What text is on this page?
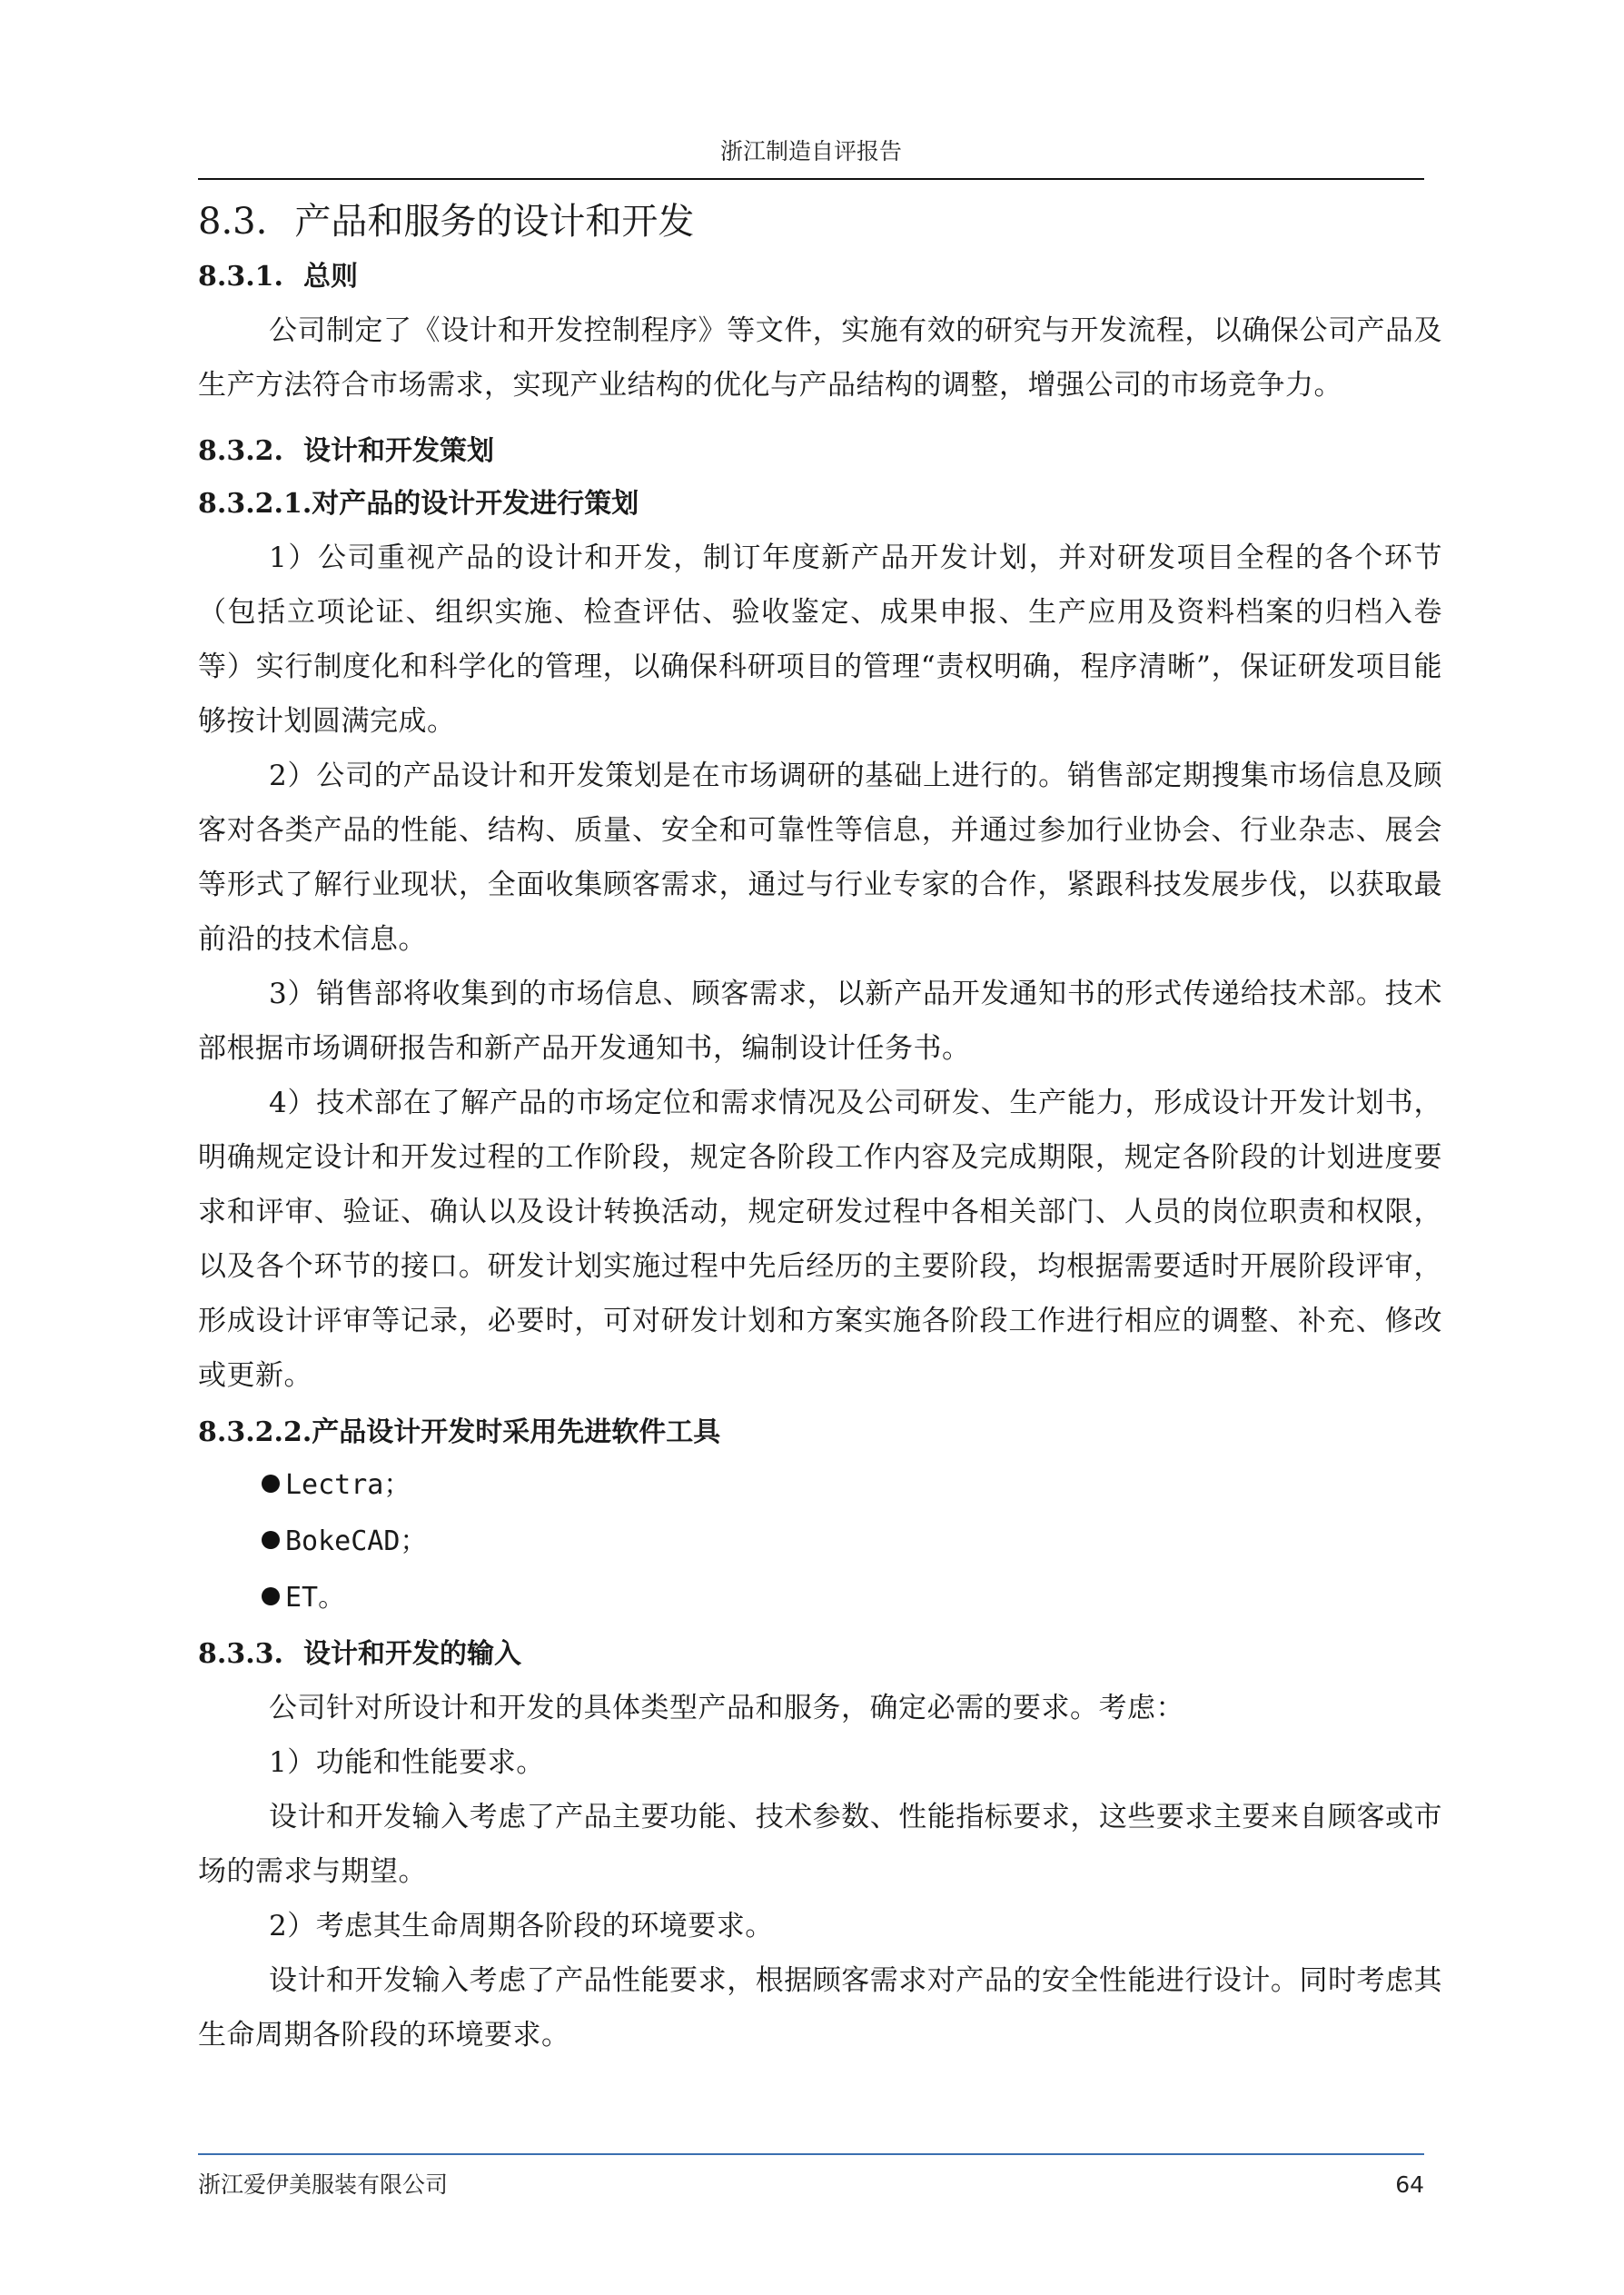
浙江制造自评报告
8.3. 产品和服务的设计和开发
8.3.1. 总则

公司制定了《设计和开发控制程序》等文件，实施有效的研究与开发流程，以确保公司产品及生产方法符合市场需求，实现产业结构的优化与产品结构的调整，增强公司的市场竞争力。

8.3.2. 设计和开发策划
8.3.2.1.对产品的设计开发进行策划

1）公司重视产品的设计和开发，制订年度新产品开发计划，并对研发项目全程的各个环节（包括立项论证、组织实施、检查评估、验收鉴定、成果申报、生产应用及资料档案的归档入卷等）实行制度化和科学化的管理，以确保科研项目的管理“责权明确，程序清晰”，保证研发项目能够按计划圆满完成。

2）公司的产品设计和开发策划是在市场调研的基础上进行的。销售部定期搜集市场信息及顾客对各类产品的性能、结构、质量、安全和可靠性等信息，并通过参加行业协会、行业杂志、展会等形式了解行业现状，全面收集顾客需求，通过与行业专家的合作，紧跟科技发展步伐，以获取最前沿的技术信息。

3）销售部将收集到的市场信息、顾客需求，以新产品开发通知书的形式传递给技术部。技术部根据市场调研报告和新产品开发通知书，编制设计任务书。

4）技术部在了解产品的市场定位和需求情况及公司研发、生产能力，形成设计开发计划书，明确规定设计和开发过程的工作阶段，规定各阶段工作内容及完成期限，规定各阶段的计划进度要求和评审、验证、确认以及设计转换活动，规定研发过程中各相关部门、人员的岗位职责和权限，以及各个环节的接口。研发计划实施过程中先后经历的主要阶段，均根据需要适时开展阶段评审，形成设计评审等记录，必要时，可对研发计划和方案实施各阶段工作进行相应的调整、补充、修改或更新。

8.3.2.2.产品设计开发时采用先进软件工具
Lectra；
BokeCAD；
ET。
8.3.3. 设计和开发的输入

公司针对所设计和开发的具体类型产品和服务，确定必需的要求。考虑：

1）功能和性能要求。

设计和开发输入考虑了产品主要功能、技术参数、性能指标要求，这些要求主要来自顾客或市场的需求与期望。

2）考虑其生命周期各阶段的环境要求。

设计和开发输入考虑了产品性能要求，根据顾客需求对产品的安全性能进行设计。同时考虑其生命周期各阶段的环境要求。

浙江爱伊美服装有限公司	64
